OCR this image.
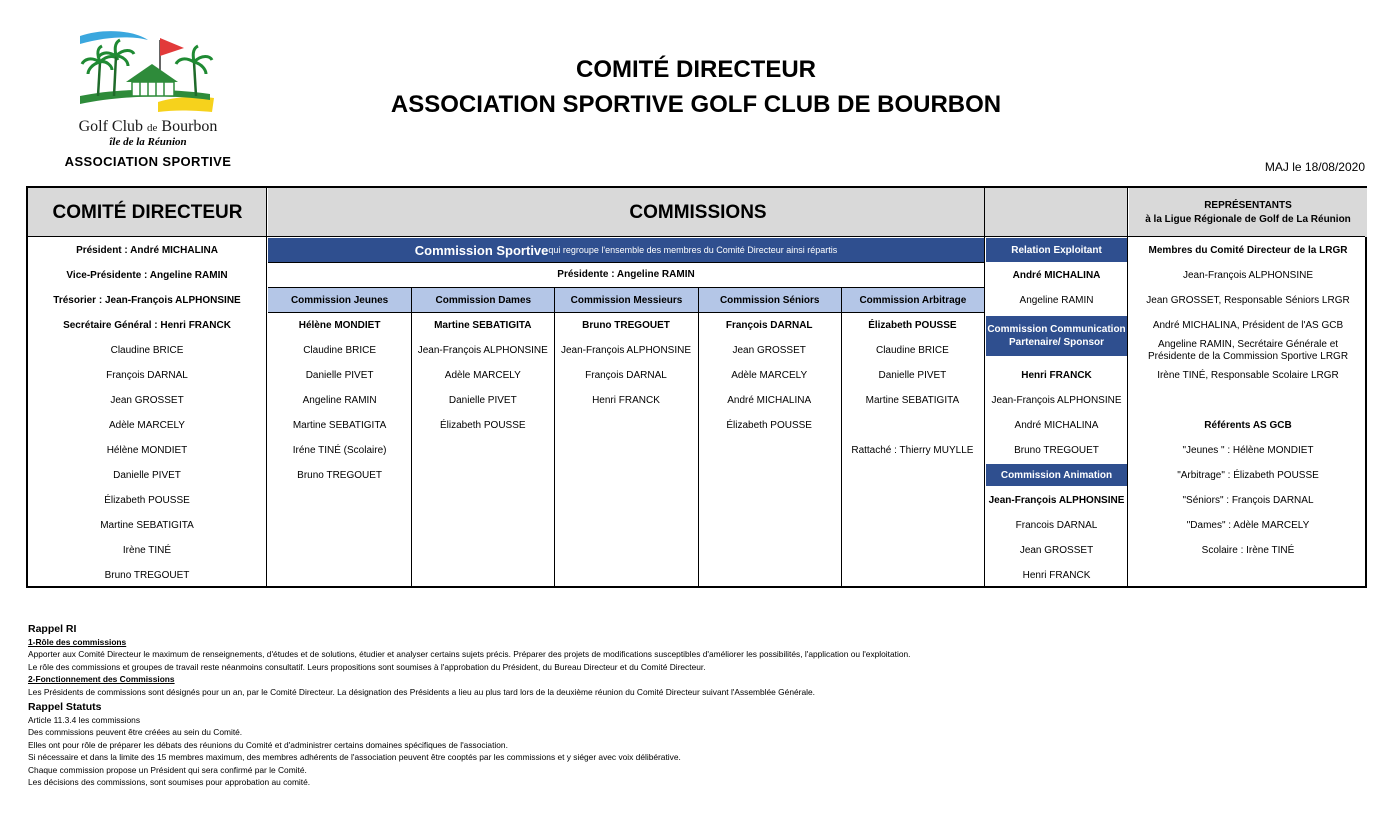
Golf Club de Bourbon
île de la Réunion
ASSOCIATION SPORTIVE
COMITÉ DIRECTEUR
ASSOCIATION SPORTIVE GOLF CLUB DE BOURBON
MAJ le 18/08/2020
COMITÉ DIRECTEUR	COMMISSIONS	REPRÉSENTANTS
à la Ligue Régionale de Golf de La Réunion
Président : André MICHALINA
Vice-Présidente : Angeline RAMIN
Trésorier : Jean-François ALPHONSINE
Secrétaire Général : Henri FRANCK
Claudine BRICE
François DARNAL
Jean GROSSET
Adèle MARCELY
Hélène MONDIET
Danielle PIVET
Élizabeth POUSSE
Martine SEBATIGITA
Irène TINÉ
Bruno TREGOUET
Commission Sportive qui regroupe l'ensemble des membres du Comité Directeur ainsi répartis
Présidente : Angeline RAMIN
Commission Jeunes
Hélène MONDIET
Claudine BRICE
Danielle PIVET
Angeline RAMIN
Martine SEBATIGITA
Iréne TINÉ (Scolaire)
Bruno TREGOUET
Commission Dames
Martine SEBATIGITA
Jean-François ALPHONSINE
Adèle MARCELY
Danielle PIVET
Élizabeth POUSSE
Commission Messieurs
Bruno TREGOUET
Jean-François ALPHONSINE
François DARNAL
Henri FRANCK
Commission Séniors
François DARNAL
Jean GROSSET
Adèle MARCELY
André MICHALINA
Élizabeth POUSSE
Commission Arbitrage
Élizabeth POUSSE
Claudine BRICE
Danielle PIVET
Martine SEBATIGITA
Rattaché : Thierry MUYLLE
Relation Exploitant
André MICHALINA
Angeline RAMIN
Commission Communication
Partenaire/ Sponsor
Henri FRANCK
Jean-François ALPHONSINE
André MICHALINA
Bruno TREGOUET
Commission Animation
Jean-François ALPHONSINE
Francois DARNAL
Jean GROSSET
Henri FRANCK
Membres du Comité Directeur de la LRGR
Jean-François ALPHONSINE
Jean GROSSET, Responsable Séniors LRGR
André MICHALINA, Président de l'AS GCB
Angeline RAMIN, Secrétaire Générale et Présidente de la Commission Sportive LRGR
Irène TINÉ, Responsable Scolaire LRGR
Référents AS GCB
"Jeunes " : Hélène MONDIET
"Arbitrage" : Élizabeth POUSSE
"Séniors" : François DARNAL
"Dames" : Adèle MARCELY
Scolaire : Irène TINÉ
Rappel RI
1-Rôle des commissions
Apporter aux Comité Directeur le maximum de renseignements, d'études et de solutions, étudier et analyser certains sujets précis. Préparer des projets de modifications susceptibles d'améliorer les possibilités, l'application ou l'exploitation.
Le rôle des commissions et groupes de travail reste néanmoins consultatif. Leurs propositions sont soumises à l'approbation du Président, du Bureau Directeur et du Comité Directeur.
2-Fonctionnement des Commissions
Les Présidents de commissions sont désignés pour un an, par le Comité Directeur. La désignation des Présidents a lieu au plus tard lors de la deuxième réunion du Comité Directeur suivant l'Assemblée Générale.
Rappel Statuts
Article 11.3.4 les commissions
Des commissions peuvent être créées au sein du Comité.
Elles ont pour rôle de préparer les débats des réunions du Comité et d'administrer certains domaines spécifiques de l'association.
Si nécessaire et dans la limite des 15 membres maximum, des membres adhérents de l'association peuvent être cooptés par les commissions et y siéger avec voix délibérative.
Chaque commission propose un Président qui sera confirmé par le Comité.
Les décisions des commissions, sont soumises pour approbation au comité.
